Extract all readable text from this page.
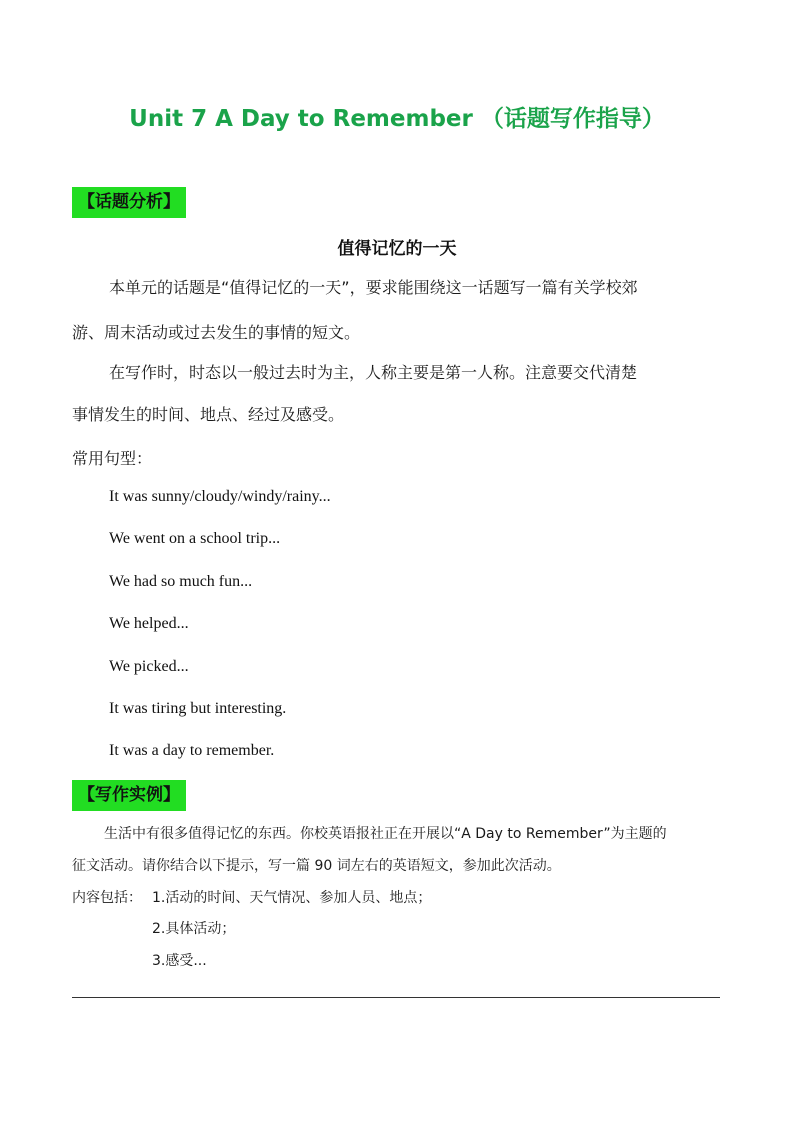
Unit 7 A Day to Remember （话题写作指导）
【话题分析】
值得记忆的一天
本单元的话题是“值得记忆的一天”，要求能围绕这一话题写一篇有关学校郊
游、周末活动或过去发生的事情的短文。
在写作时，时态以一般过去时为主，人称主要是第一人称。注意要交代清楚
事情发生的时间、地点、经过及感受。
常用句型：
It was sunny/cloudy/windy/rainy...
We went on a school trip...
We had so much fun...
We helped...
We picked...
It was tiring but interesting.
It was a day to remember.
【写作实例】
生活中有很多值得记忆的东西。你校英语报社正在开展以“A Day to Remember”为主题的
征文活动。请你结合以下提示，写一篇 90 词左右的英语短文，参加此次活动。
内容包括： 1.活动的时间、天气情况、参加人员、地点；
2.具体活动；
3.感受...
